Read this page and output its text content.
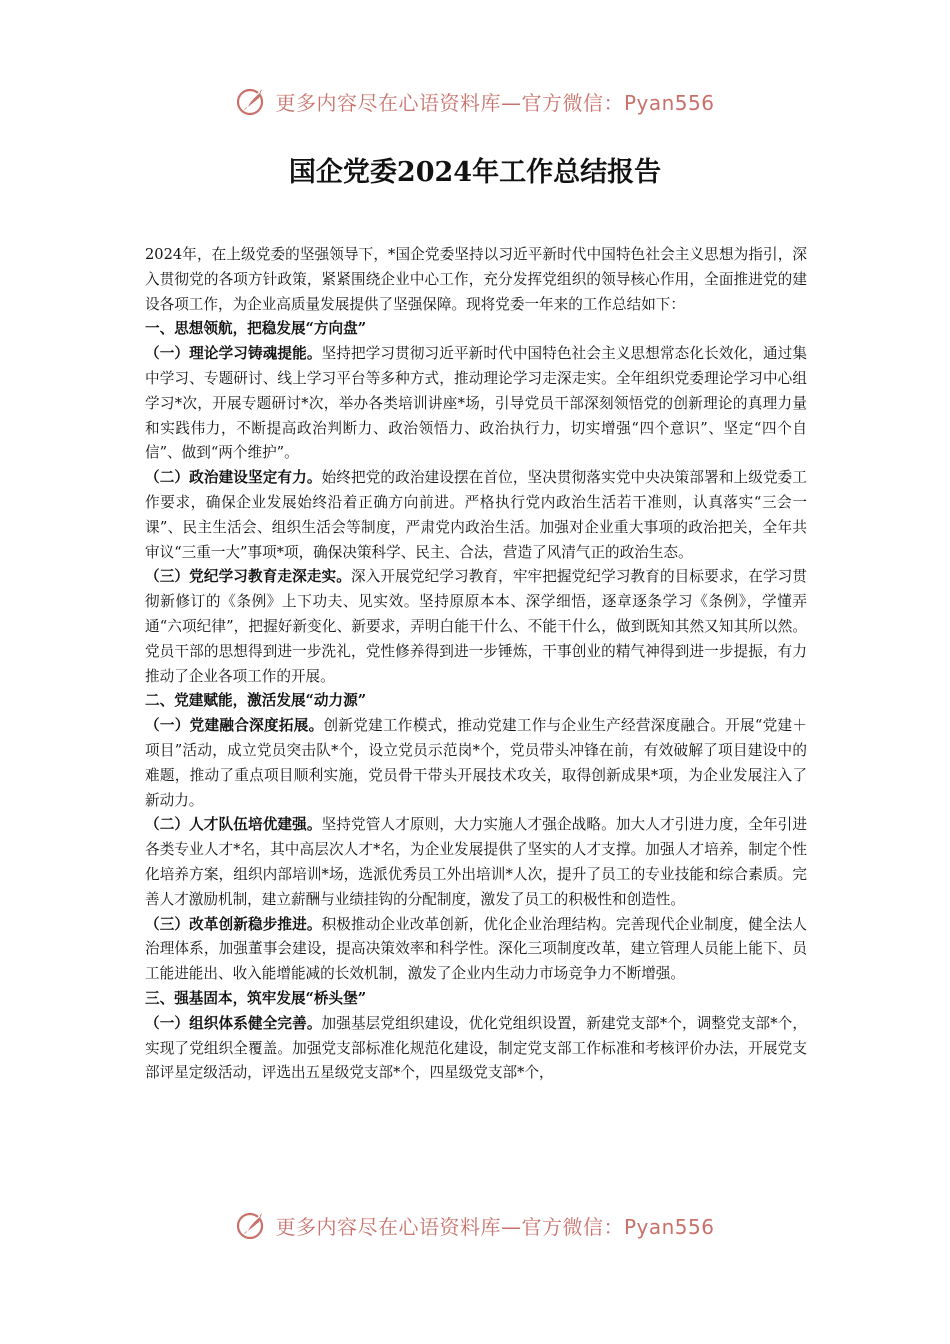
更多内容尽在心语资料库—官方微信：Pyan556
国企党委2024年工作总结报告

2024年，在上级党委的坚强领导下，*国企党委坚持以习近平新时代中国特色社会主义思想为指引，深入贯彻党的各项方针政策，紧紧围绕企业中心工作，充分发挥党组织的领导核心作用，全面推进党的建设各项工作，为企业高质量发展提供了坚强保障。现将党委一年来的工作总结如下：

一、思想领航，把稳发展“方向盘”

（一）理论学习铸魂提能。坚持把学习贯彻习近平新时代中国特色社会主义思想常态化长效化，通过集中学习、专题研讨、线上学习平台等多种方式，推动理论学习走深走实。全年组织党委理论学习中心组学习*次，开展专题研讨*次，举办各类培训讲座*场，引导党员干部深刻领悟党的创新理论的真理力量和实践伟力，不断提高政治判断力、政治领悟力、政治执行力，切实增强“四个意识”、坚定“四个自信”、做到“两个维护”。

（二）政治建设坚定有力。始终把党的政治建设摆在首位，坚决贯彻落实党中央决策部署和上级党委工作要求，确保企业发展始终沿着正确方向前进。严格执行党内政治生活若干准则，认真落实“三会一课”、民主生活会、组织生活会等制度，严肃党内政治生活。加强对企业重大事项的政治把关，全年共审议“三重一大”事项*项，确保决策科学、民主、合法，营造了风清气正的政治生态。

（三）党纪学习教育走深走实。深入开展党纪学习教育，牢牢把握党纪学习教育的目标要求，在学习贯彻新修订的《条例》上下功夫、见实效。坚持原原本本、深学细悟，逐章逐条学习《条例》，学懂弄通“六项纪律”，把握好新变化、新要求，弄明白能干什么、不能干什么，做到既知其然又知其所以然。党员干部的思想得到进一步洗礼，党性修养得到进一步锤炼，干事创业的精气神得到进一步提振，有力推动了企业各项工作的开展。

二、党建赋能，激活发展“动力源”

（一）党建融合深度拓展。创新党建工作模式，推动党建工作与企业生产经营深度融合。开展“党建＋项目”活动，成立党员突击队*个，设立党员示范岗*个，党员带头冲锋在前，有效破解了项目建设中的难题，推动了重点项目顺利实施，党员骨干带头开展技术攻关，取得创新成果*项，为企业发展注入了新动力。

（二）人才队伍培优建强。坚持党管人才原则，大力实施人才强企战略。加大人才引进力度，全年引进各类专业人才*名，其中高层次人才*名，为企业发展提供了坚实的人才支撑。加强人才培养，制定个性化培养方案，组织内部培训*场，选派优秀员工外出培训*人次，提升了员工的专业技能和综合素质。完善人才激励机制，建立薪酬与业绩挂钩的分配制度，激发了员工的积极性和创造性。

（三）改革创新稳步推进。积极推动企业改革创新，优化企业治理结构。完善现代企业制度，健全法人治理体系，加强董事会建设，提高决策效率和科学性。深化三项制度改革，建立管理人员能上能下、员工能进能出、收入能增能减的长效机制，激发了企业内生动力市场竞争力不断增强。

三、强基固本，筑牢发展“桥头堡”

（一）组织体系健全完善。加强基层党组织建设，优化党组织设置，新建党支部*个，调整党支部*个，实现了党组织全覆盖。加强党支部标准化规范化建设，制定党支部工作标准和考核评价办法，开展党支部评星定级活动，评选出五星级党支部*个，四星级党支部*个，

更多内容尽在心语资料库—官方微信：Pyan556
